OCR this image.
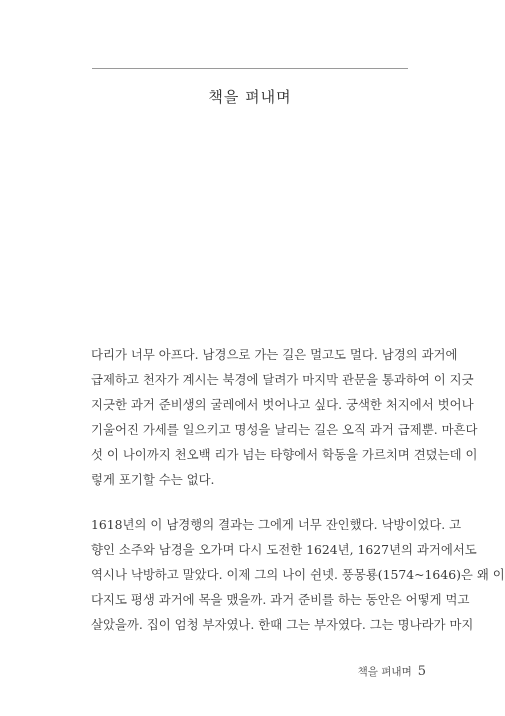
책을 펴내며
다리가 너무 아프다. 남경으로 가는 길은 멀고도 멀다. 남경의 과거에
급제하고 천자가 계시는 북경에 달려가 마지막 관문을 통과하여 이 지긋
지긋한 과거 준비생의 굴레에서 벗어나고 싶다. 궁색한 처지에서 벗어나
기울어진 가세를 일으키고 명성을 날리는 길은 오직 과거 급제뿐. 마흔다
섯 이 나이까지 천오백 리가 넘는 타향에서 학동을 가르치며 견뎠는데 이
렇게 포기할 수는 없다.
1618년의 이 남경행의 결과는 그에게 너무 잔인했다. 낙방이었다. 고
향인 소주와 남경을 오가며 다시 도전한 1624년, 1627년의 과거에서도
역시나 낙방하고 말았다. 이제 그의 나이 쉰넷. 풍몽룡(1574~1646)은 왜 이
다지도 평생 과거에 목을 맸을까. 과거 준비를 하는 동안은 어떻게 먹고
살았을까. 집이 엄청 부자였나. 한때 그는 부자였다. 그는 명나라가 마지
책을 펴내며 5
